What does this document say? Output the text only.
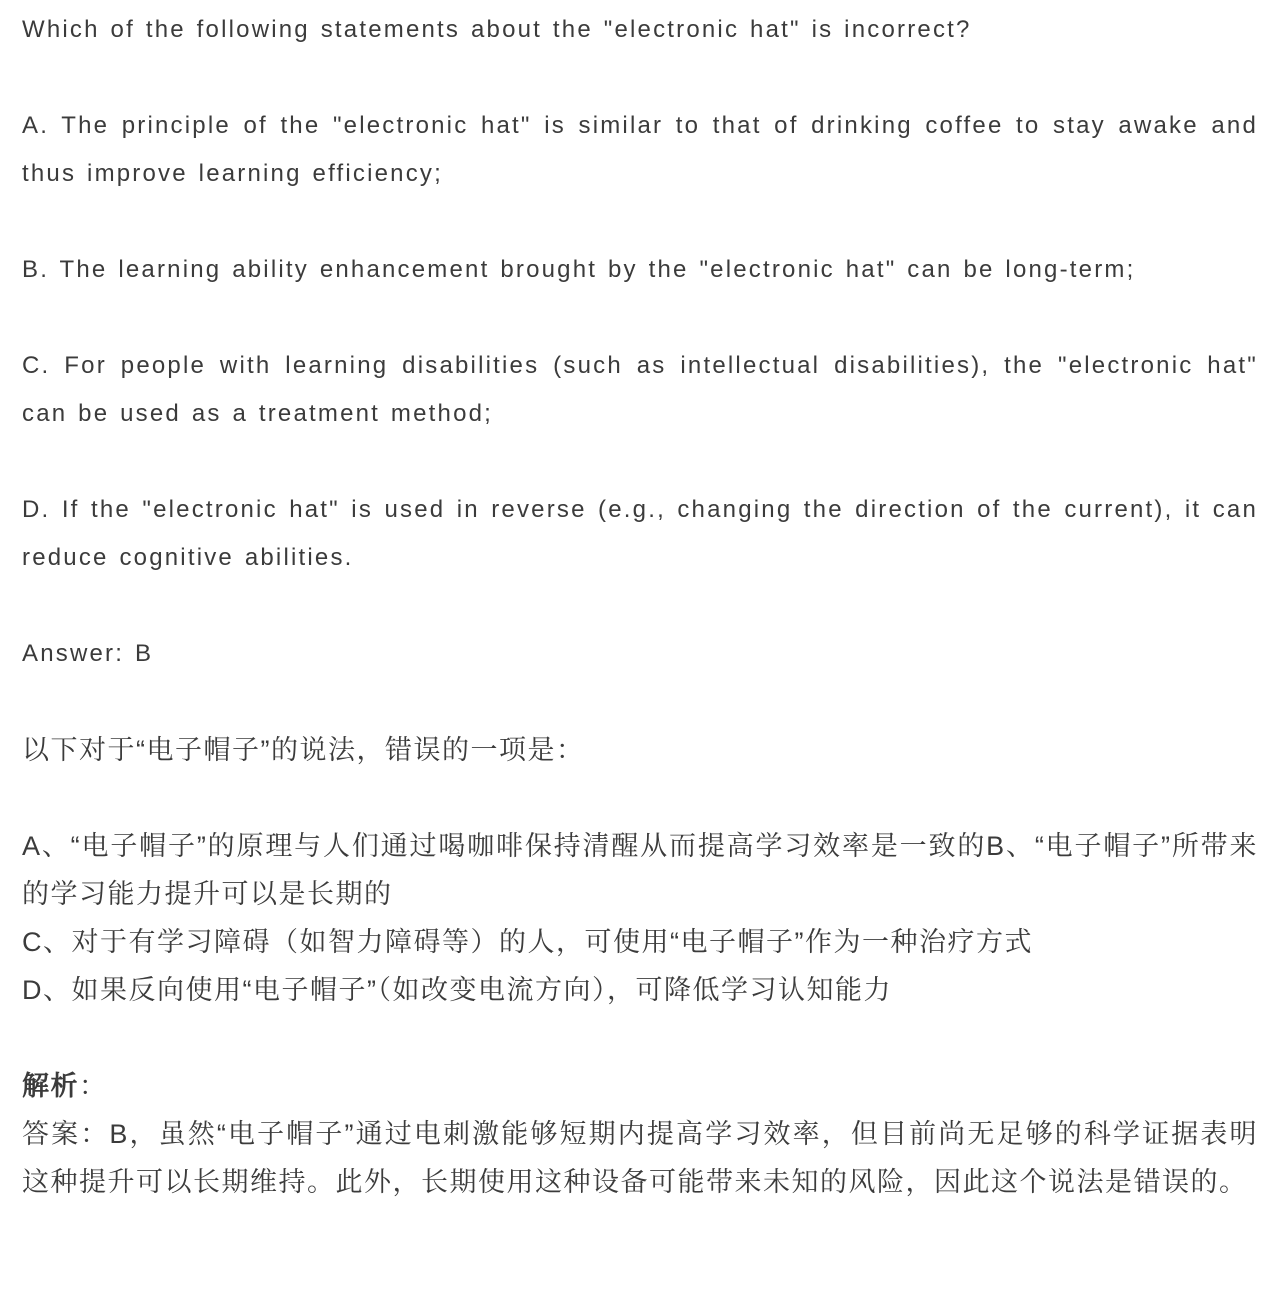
Which of the following statements about the "electronic hat" is incorrect?

A. The principle of the "electronic hat" is similar to that of drinking coffee to stay awake and thus improve learning efficiency;

B. The learning ability enhancement brought by the "electronic hat" can be long-term;

C. For people with learning disabilities (such as intellectual disabilities), the "electronic hat" can be used as a treatment method;

D. If the "electronic hat" is used in reverse (e.g., changing the direction of the current), it can reduce cognitive abilities.

Answer: B

以下对于“电子帽子”的说法，错误的一项是：

A、“电子帽子”的原理与人们通过喝咖啡保持清醒从而提高学习效率是一致的B、“电子帽子”所带来的学习能力提升可以是长期的

C、对于有学习障碍（如智力障碍等）的人，可使用“电子帽子”作为一种治疗方式

D、如果反向使用“电子帽子”（如改变电流方向），可降低学习认知能力

解析：

答案：B，虽然“电子帽子”通过电刺激能够短期内提高学习效率，但目前尚无足够的科学证据表明这种提升可以长期维持。此外，长期使用这种设备可能带来未知的风险，因此这个说法是错误的。
